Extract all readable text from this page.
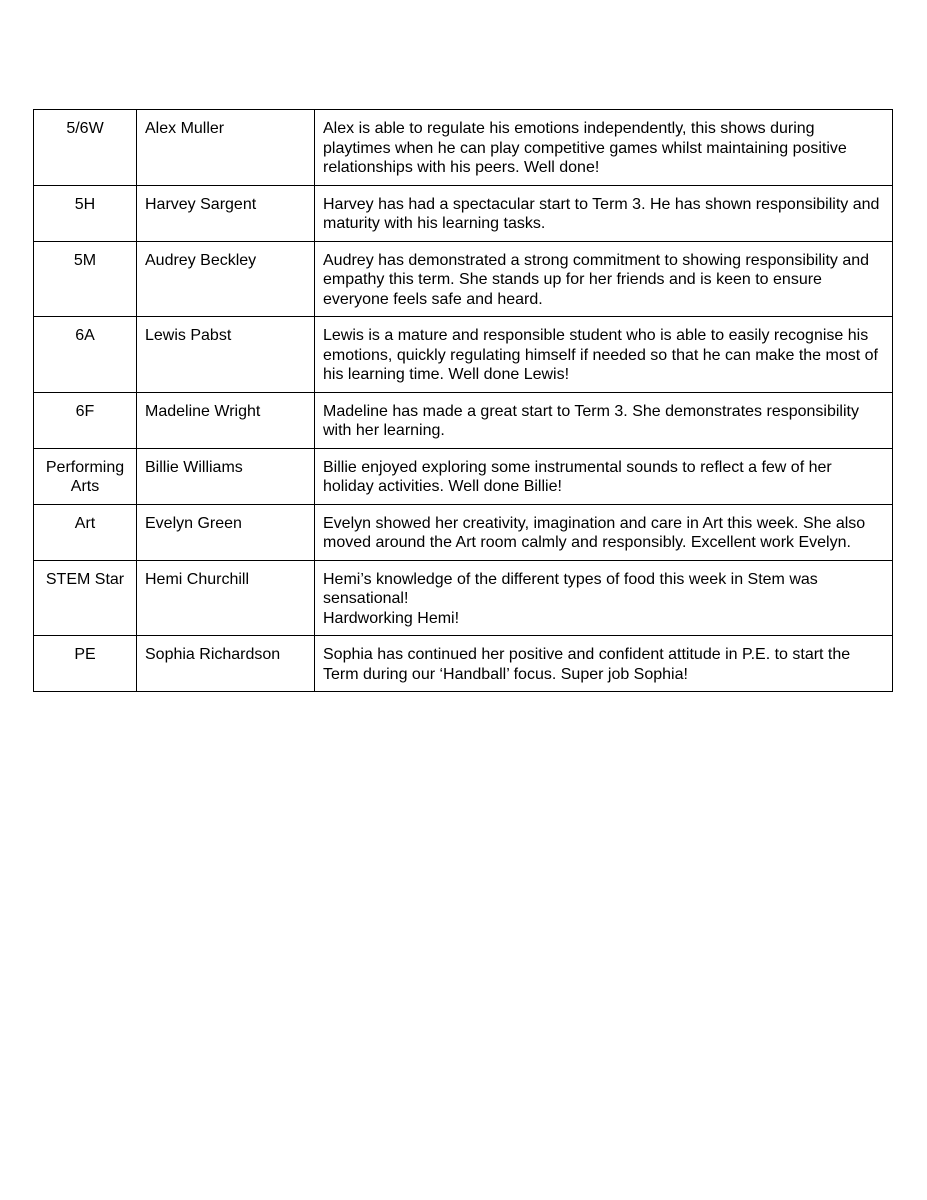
5/6W	Alex Muller	Alex is able to regulate his emotions independently, this shows during playtimes when he can play competitive games whilst maintaining positive relationships with his peers. Well done!
5H	Harvey Sargent	Harvey has had a spectacular start to Term 3. He has shown responsibility and maturity with his learning tasks.
5M	Audrey Beckley	Audrey has demonstrated a strong commitment to showing responsibility and empathy this term. She stands up for her friends and is keen to ensure everyone feels safe and heard.
6A	Lewis Pabst	Lewis is a mature and responsible student who is able to easily recognise his emotions, quickly regulating himself if needed so that he can make the most of his learning time. Well done Lewis!
6F	Madeline Wright	Madeline has made a great start to Term 3. She demonstrates responsibility with her learning.
Performing Arts	Billie Williams	Billie enjoyed exploring some instrumental sounds to reflect a few of her holiday activities. Well done Billie!
Art	Evelyn Green	Evelyn showed her creativity, imagination and care in Art this week. She also moved around the Art room calmly and responsibly. Excellent work Evelyn.
STEM Star	Hemi Churchill	Hemi’s knowledge of the different types of food this week in Stem was sensational!
Hardworking Hemi!
PE	Sophia Richardson	Sophia has continued her positive and confident attitude in P.E. to start the Term during our ‘Handball’ focus. Super job Sophia!
